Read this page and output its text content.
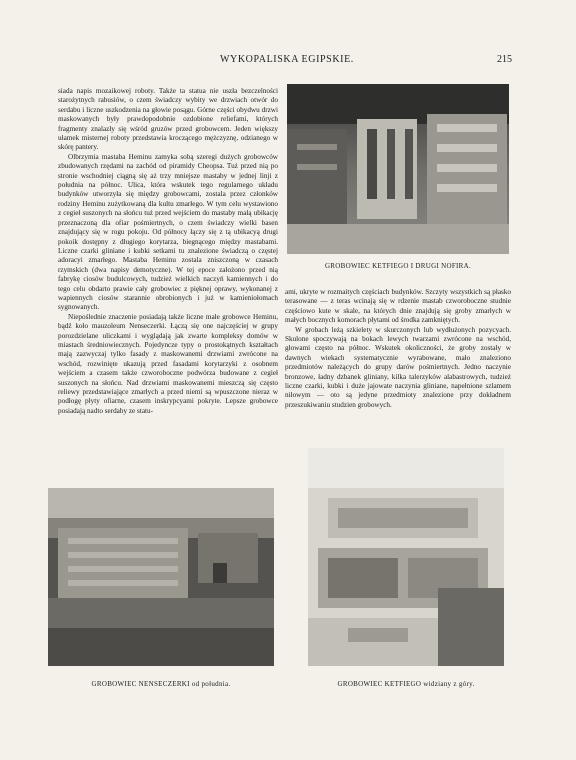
WYKOPALISKA EGIPSKIE.	215

siada napis mozaikowej roboty. Także ta statua nie uszła bezczelności starożytnych rabusiów, o czem świadczy wybity we drzwiach otwór do serdabu i liczne uszkodzenia na głowie posągu. Górne części obydwu drzwi maskowanych były prawdopodobnie ozdobione reliefami, których fragmenty znalazły się wśród gruzów przed grobowcem. Jeden większy ułamek misternej roboty przedstawia kroczącego mężczyznę, odzianego w skórę pantery.

Olbrzymia mastaba Heminu zamyka sobą szeregi dużych grobowców zbudowanych rzędami na zachód od piramidy Cheopsa. Tuż przed nią po stronie wschodniej ciągną się aż trzy mniejsze mastaby w jednej linji z południa na północ. Ulica, która wskutek tego regularnego układu budynków utworzyła się między grobowcami, zostala przez członków rodziny Heminu zużytkowaną dla kultu zmarłego. W tym celu wystawiono z cegieł suszonych na słońcu tuż przed wejściem do mastaby małą ubikację przeznaczoną dla ofiar pośmiertnych, o czem świadczy wielki basen znajdujący się w rogu pokoju. Od północy łączy się z tą ubikacyą drugi pokoik dostępny z długiego korytarza, biegnącego między mastabami. Liczne czarki gliniane i kubki setkami tu znalezione świadczą o częstej adoracyi zmarłego. Mastaba Heminu zostala zniszczoną w czasach rzymskich (dwa napisy demotyczne). W tej epoce założono przed nią fabrykę ciosów budulcowych, tudzież wielkich naczyń kamiennych i do tego celu obdarto prawie cały grobowiec z pięknej oprawy, wykonanej z wapiennych ciosów starannie obrobionych i już w kamieniołomach sygnowanych.

Niepoślednie znaczenie posiadają także liczne małe grobowce Heminu, bądź koło mauzoleum Nenseczerki. Łączą się one najczęściej w grupy porozdzielane uliczkami i wyglądają jak zwarte kompleksy domów w miastach średniowiecznych. Pojedyncze typy o prostokątnych kształtach mają zazwyczaj tylko fasady z maskowanemi drzwiami zwrócone na wschód, rozwinięte ukazują przed fasadami korytarzyki z osobnem wejściem a czasem także czworoboczne podwórza budowane z cegieł suszonych na słońcu. Nad drzwiami maskowanemi mieszczą się często reliewy przedstawiające zmarłych a przed niemi są wpuszczone nieraz w podłogę płyty ofiarne, czasem inskrypcyami pokryte. Lepsze grobowce posiadają nadto serdaby ze statu-

GROBOWIEC KETFIEGO I DRUGI NOFIRA.

ami, ukryte w rozmaitych częściach budynków. Szczyty wszystkich są płasko terasowane — z teras wcinają się w rdzenie mastab czworoboczne studnie częściowo kute w skale, na których dnie znajdują się groby zmarłych w małych bocznych komorach płytami od środka zamkniętych.

W grobach leżą szkielety w skurczonych lub wydłużonych pozycyach. Skulone spoczywają na bokach lewych twarzami zwrócone na wschód, głowami często na północ. Wskutek okoliczności, że groby zostały w dawnych wiekach systematycznie wyrabowane, mało znaleziono przedmiotów należących do grupy darów pośmiertnych. Jedno naczynie bronzowe, ładny dzbanek gliniany, kilka talerzyków alabastrowych, tudzież liczne czarki, kubki i duże jajowate naczynia gliniane, napełnione szlamem niłowym — oto są jedyne przedmioty znalezione przy dokładnem przeszukiwaniu studzien grobowych.

GROBOWIEC NENSECZERKI od południa.	GROBOWIEC KETFIEGO widziany z góry.
